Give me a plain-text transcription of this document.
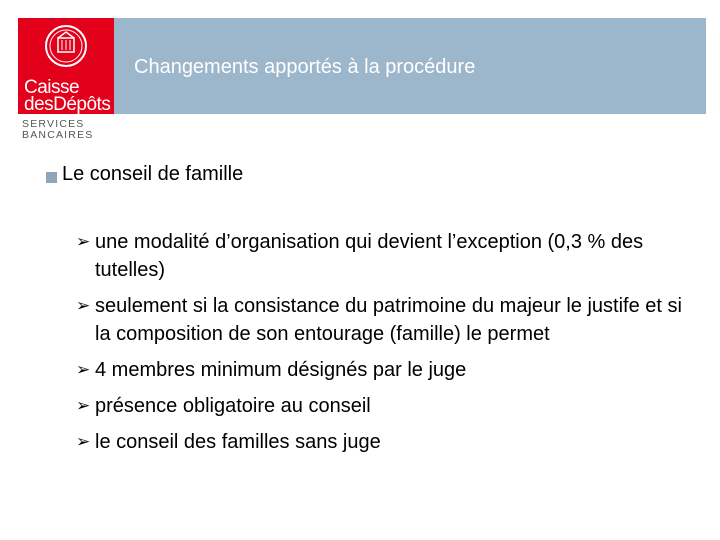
Caisse
desDépôts
SERVICES
BANCAIRES
Changements apportés à la procédure
Le conseil de famille
➢ une modalité d’organisation qui devient l’exception (0,3 % des tutelles)
➢ seulement si la consistance du patrimoine du majeur le justife et si la composition de son entourage (famille) le permet
➢ 4 membres minimum désignés par le juge
➢ présence obligatoire au conseil
➢ le conseil des familles sans juge
